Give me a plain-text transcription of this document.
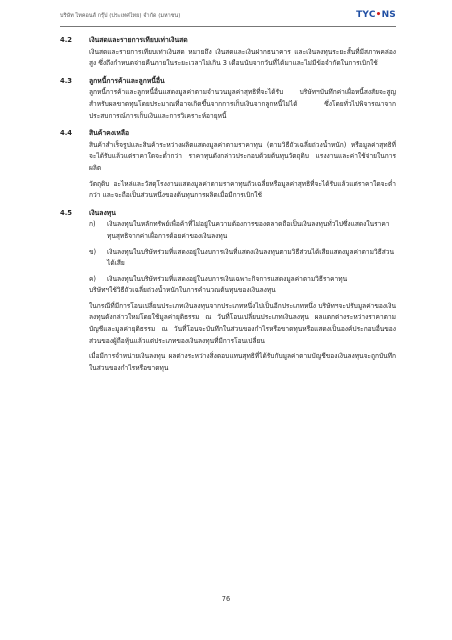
บริษัท ไทคอนส์ กรุ๊ป (ประเทศไทย) จำกัด (มหาชน)	TYC•NS
4.2 เงินสดและรายการเทียบเท่าเงินสด
เงินสดและรายการเทียบเท่าเงินสด หมายถึง เงินสดและเงินฝากธนาคาร และเงินลงทุนระยะสั้นที่มีสภาพคล่องสูง ซึ่งถึงกำหนดจ่ายคืนภายในระยะเวลาไม่เกิน 3 เดือนนับจากวันที่ได้มาและไม่มีข้อจำกัดในการเบิกใช้
4.3 ลูกหนี้การค้าและลูกหนี้อื่น
ลูกหนี้การค้าและลูกหนี้อื่นแสดงมูลค่าตามจำนวนมูลค่าสุทธิที่จะได้รับ บริษัทฯบันทึกค่าเผื่อหนี้สงสัยจะสูญสำหรับผลขาดทุนโดยประมาณที่อาจเกิดขึ้นจากการเก็บเงินจากลูกหนี้ไม่ได้ ซึ่งโดยทั่วไปพิจารณาจากประสบการณ์การเก็บเงินและการวิเคราะห์อายุหนี้
4.4 สินค้าคงเหลือ
สินค้าสำเร็จรูปและสินค้าระหว่างผลิตแสดงมูลค่าตามราคาทุน (ตามวิธีถัวเฉลี่ยถ่วงน้ำหนัก) หรือมูลค่าสุทธิที่จะได้รับแล้วแต่ราคาใดจะต่ำกว่า ราคาทุนดังกล่าวประกอบด้วยต้นทุนวัตถุดิบ แรงงานและค่าใช้จ่ายในการผลิต
วัตถุดิบ อะไหล่และวัสดุโรงงานแสดงมูลค่าตามราคาทุนถัวเฉลี่ยหรือมูลค่าสุทธิที่จะได้รับแล้วแต่ราคาใดจะต่ำกว่า และจะถือเป็นส่วนหนึ่งของต้นทุนการผลิตเมื่อมีการเบิกใช้
4.5 เงินลงทุน
ก) เงินลงทุนในหลักทรัพย์เพื่อค้าที่ไม่อยู่ในความต้องการของตลาดถือเป็นเงินลงทุนทั่วไปซึ่งแสดงในราคาทุนสุทธิจากค่าเผื่อการด้อยค่าของเงินลงทุน
ข) เงินลงทุนในบริษัทร่วมที่แสดงอยู่ในงบการเงินที่แสดงเงินลงทุนตามวิธีส่วนได้เสียแสดงมูลค่าตามวิธีส่วนได้เสีย
ค) เงินลงทุนในบริษัทร่วมที่แสดงอยู่ในงบการเงินเฉพาะกิจการแสดงมูลค่าตามวิธีราคาทุน
บริษัทฯใช้วิธีถัวเฉลี่ยถ่วงน้ำหนักในการคำนวณต้นทุนของเงินลงทุน
ในกรณีที่มีการโอนเปลี่ยนประเภทเงินลงทุนจากประเภทหนึ่งไปเป็นอีกประเภทหนึ่ง บริษัทฯจะปรับมูลค่าของเงินลงทุนดังกล่าวใหม่โดยใช้มูลค่ายุติธรรม ณ วันที่โอนเปลี่ยนประเภทเงินลงทุน ผลแตกต่างระหว่างราคาตามบัญชีและมูลค่ายุติธรรม ณ วันที่โอนจะบันทึกในส่วนของกำไรหรือขาดทุนหรือแสดงเป็นองค์ประกอบอื่นของส่วนของผู้ถือหุ้นแล้วแต่ประเภทของเงินลงทุนที่มีการโอนเปลี่ยน
เมื่อมีการจำหน่ายเงินลงทุน ผลต่างระหว่างสิ่งตอบแทนสุทธิที่ได้รับกับมูลค่าตามบัญชีของเงินลงทุนจะถูกบันทึกในส่วนของกำไรหรือขาดทุน
76
